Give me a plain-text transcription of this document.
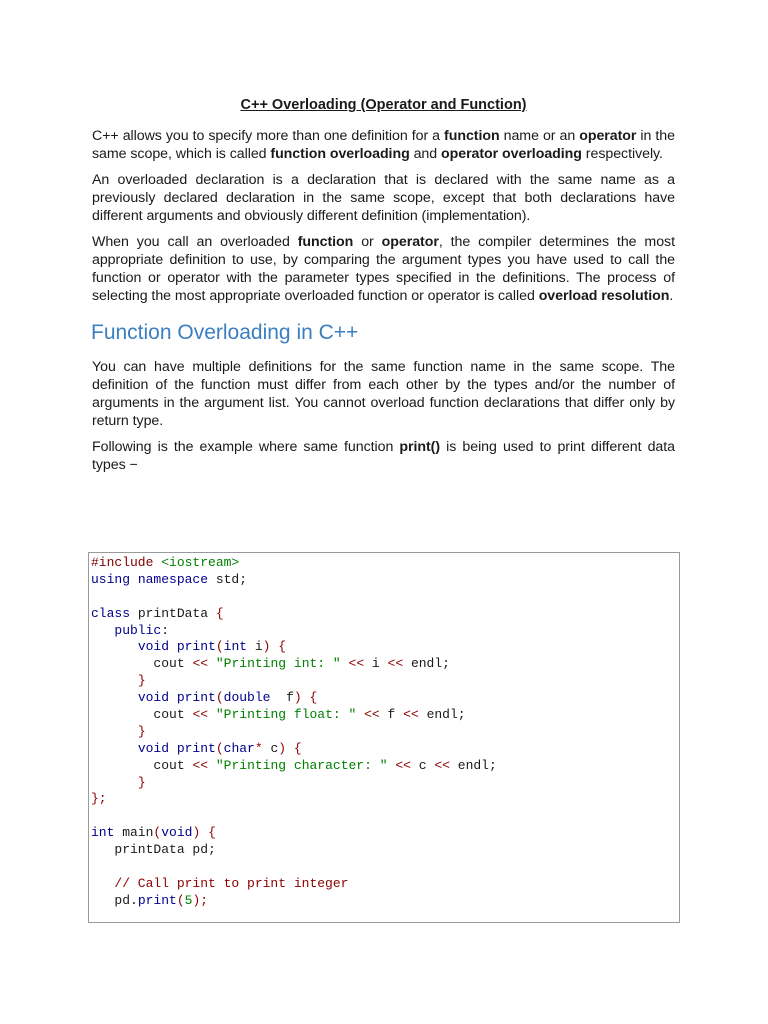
C++ Overloading (Operator and Function)

C++ allows you to specify more than one definition for a function name or an operator in the same scope, which is called function overloading and operator overloading respectively.

An overloaded declaration is a declaration that is declared with the same name as a previously declared declaration in the same scope, except that both declarations have different arguments and obviously different definition (implementation).

When you call an overloaded function or operator, the compiler determines the most appropriate definition to use, by comparing the argument types you have used to call the function or operator with the parameter types specified in the definitions. The process of selecting the most appropriate overloaded function or operator is called overload resolution.

Function Overloading in C++

You can have multiple definitions for the same function name in the same scope. The definition of the function must differ from each other by the types and/or the number of arguments in the argument list. You cannot overload function declarations that differ only by return type.

Following is the example where same function print() is being used to print different data types −

#include <iostream>
using namespace std;
class printData {
public:
void print(int i) {
cout << "Printing int: " << i << endl;
}
void print(double  f) {
cout << "Printing float: " << f << endl;
}
void print(char* c) {
cout << "Printing character: " << c << endl;
}
};
int main(void) {
printData pd;
// Call print to print integer
pd.print(5);
